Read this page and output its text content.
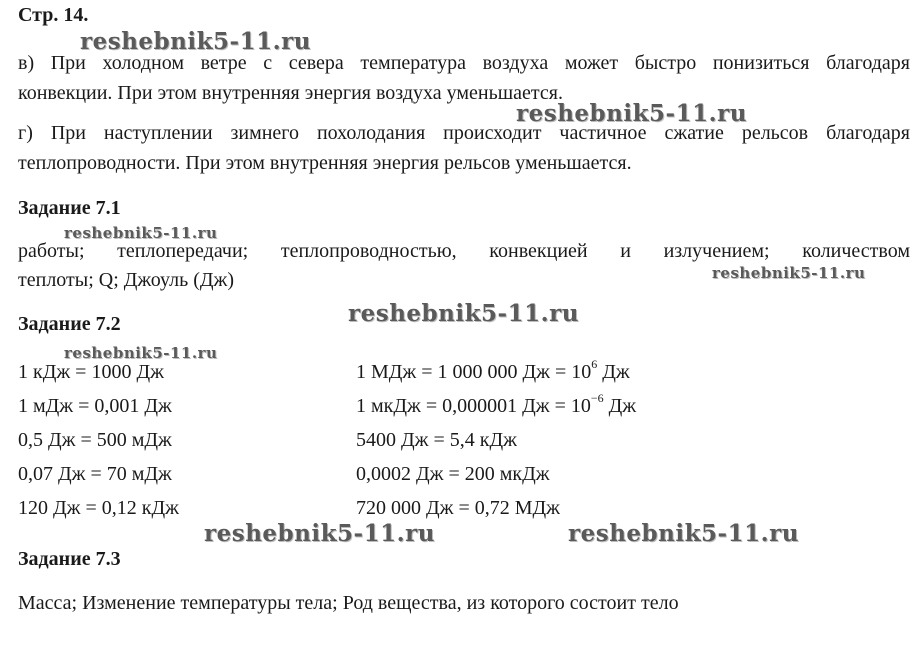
Стр. 14.
в) При холодном ветре с севера температура воздуха может быстро понизиться благодаря
конвекции. При этом внутренняя энергия воздуха уменьшается.
г) При наступлении зимнего похолодания происходит частичное сжатие рельсов благодаря
теплопроводности. При этом внутренняя энергия рельсов уменьшается.
Задание 7.1
работы; теплопередачи; теплопроводностью, конвекцией и излучением; количеством
теплоты; Q; Джоуль (Дж)
Задание 7.2
1 кДж = 1000 Дж
1 мДж = 0,001 Дж
0,5 Дж = 500 мДж
0,07 Дж = 70 мДж
120 Дж = 0,12 кДж
1 МДж = 1 000 000 Дж = $10^6$ Дж
1 мкДж = 0,000001 Дж = $10^{-6}$ Дж
5400 Дж = 5,4 кДж
0,0002 Дж = 200 мкДж
720 000 Дж = 0,72 МДж
Задание 7.3
Масса; Изменение температуры тела; Род вещества, из которого состоит тело
reshebnik5-11.ru
reshebnik5-11.ru
reshebnik5-11.ru
reshebnik5-11.ru
reshebnik5-11.ru
reshebnik5-11.ru
reshebnik5-11.ru	reshebnik5-11.ru
